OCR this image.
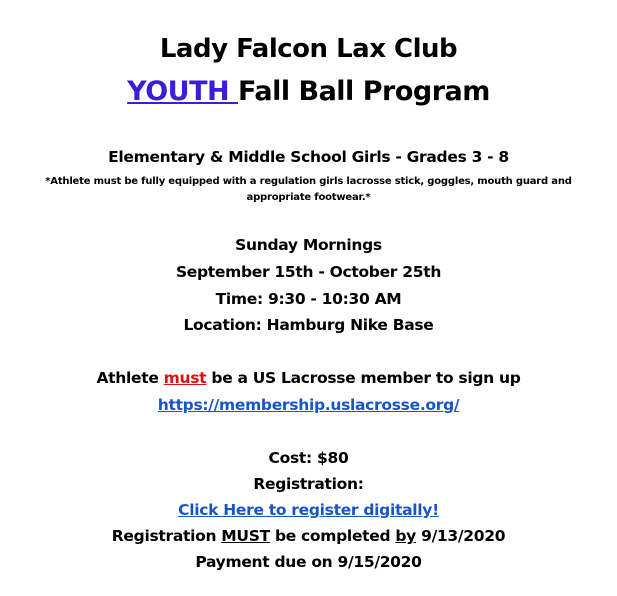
Lady Falcon Lax Club
YOUTH Fall Ball Program
Elementary & Middle School Girls - Grades 3 - 8
*Athlete must be fully equipped with a regulation girls lacrosse stick, goggles, mouth guard and
appropriate footwear.*
Sunday Mornings
September 15th - October 25th
Time: 9:30 - 10:30 AM
Location: Hamburg Nike Base
Athlete must be a US Lacrosse member to sign up
https://membership.uslacrosse.org/
Cost: $80
Registration:
Click Here to register digitally!
Registration MUST be completed by 9/13/2020
Payment due on 9/15/2020
